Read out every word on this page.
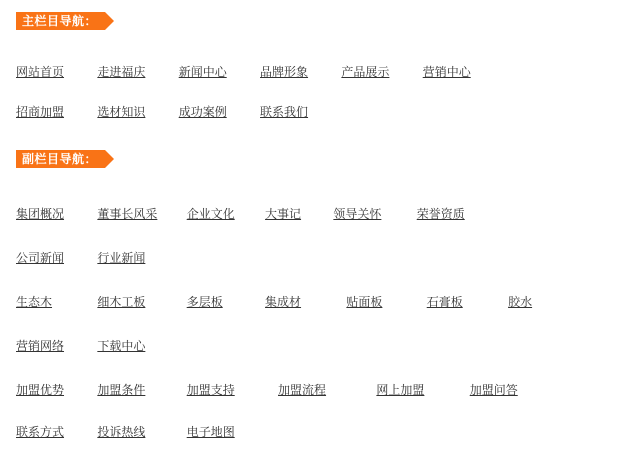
主栏目导航：
网站首页	走进福庆	新闻中心	品牌形象	产品展示	营销中心
招商加盟	选材知识	成功案例	联系我们
副栏目导航：
集团概况	董事长风采 企业文化	大事记	领导关怀	荣誉资质
公司新闻	行业新闻
生态木	细木工板	多层板	集成材	贴面板	石膏板	胶水
营销网络	下载中心
加盟优势	加盟条件	加盟支持	加盟流程	网上加盟	加盟问答
联系方式	投诉热线	电子地图
